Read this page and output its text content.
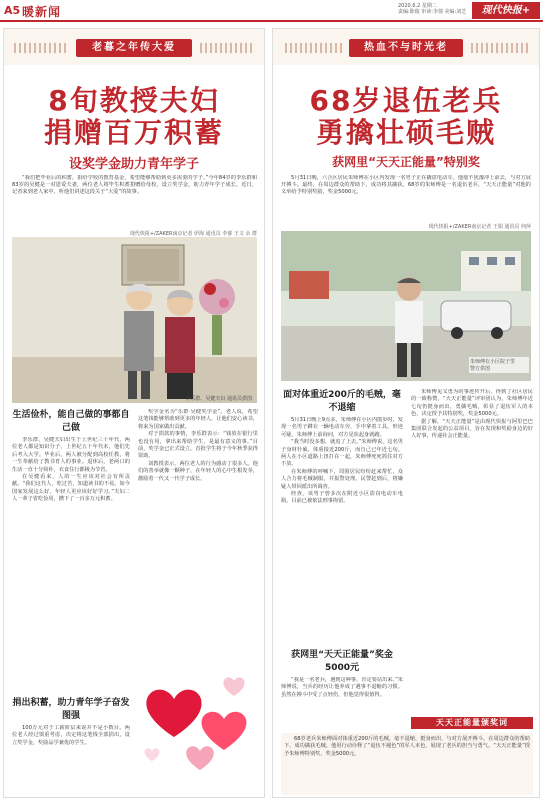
A5 暖新闻	2020.6.2 星期二
责编:陈俊 审读:李倩 美编:刘芝	现代快报+
老暮之年传大爱
8旬教授夫妇
捐赠百万积蓄
设奖学金助力青年学子
“我们把毕业后的积蓄，捐给学校的教育基金，希望能够帮助到更多需要的学子。”今年84岁的李乐群和83岁的吴健是一对恩爱夫妻，两位老人将毕生积蓄捐赠给母校，设立奖学金，助力青年学子成长。近日，记者来到老人家中，听他们讲述这段关于“大爱”的故事。
现代快报+/ZAKER南京记者 伊海 通讯员 李睿 王文 余 群
李乐群、吴健夫妇 通讯员供图
生活俭朴，能自己做的事都自己做

李乐群、吴健夫妇出生于上世纪三十年代，两位老人都是知识分子。上世纪五十年代末，他们先后考入大学。毕业后，两人被分配到高校任教，将一生奉献给了教书育人的事业。退休后，老两口的生活一直十分简朴，衣食住行都极为节省。

在吴健看来，人的一生应该对社会有所贡献。“我们这代人，吃过苦，知道读书的不易。如今国家发展这么好，年轻人更应该好好学习。”夫妇二人一辈子省吃俭用，攒下了一百多万元积蓄。

捐出积蓄，助力青年学子奋发图强

100万元对于工薪阶层来说并不是小数目。两位老人经过慎重考虑，决定将这笔钱全部捐出，设立奖学金，奖励品学兼优的学生。

奖学金名为“乐群·吴健奖学金”。老人说，希望这笔钱能够帮助到更多的年轻人，让他们安心读书，将来为国家做出贡献。

对于捐款的事情，李乐群表示：“钱放在银行里也没有用，拿出来帮助学生，是最有意义的事。”目前，奖学金已正式设立，首批学生将于今年秋季获得资助。

刘教授表示，两位老人的行为感动了很多人。他们的善举就像一颗种子，在年轻人的心中生根发芽，激励着一代又一代学子成长。

热血不与时光老
68岁退伍老兵
勇擒壮硕毛贼
获网里“天天正能量”特别奖
5月31日晚，六合区居民朱师傅在小区内发现一名男子正在撬盗电动车。他毫不犹豫冲上前去，与对方展开搏斗。最终，在周边群众的帮助下，成功将其擒获。68岁的朱师傅是一名退伍老兵，“天天正能量”对他的义举给予特别奖励，奖金5000元。
现代快报+/ZAKER南京记者 王娟 通讯员 何萍
朱师傅在小区院子里
警方供图
面对体重近200斤的毛贼，毫不退缩

5月31日晚上9点多，朱师傅在小区内散步时，发现一名男子蹲在一辆电动车旁，手中拿着工具，形迹可疑。朱师傅上前询问，对方见状起身就跑。

“我当时没多想，就追了上去。”朱师傅说，这名男子身材壮硕，体重接近200斤，而自己已年近七旬。两人在小区道路上扭打在一起，朱师傅死死抓住对方不放。

在朱师傅的呼喊下，周围居民纷纷赶来帮忙，众人合力将毛贼制服，并报警处理。民警赶到后，将嫌疑人带回派出所调查。

经查，该男子曾多次在附近小区盗窃电动车电瓶，目前已被依法刑事拘留。

获网里“天天正能量”奖金5000元

“我是一名老兵，遇到这种事，肯定要站出来。”朱师傅说，当兵的经历让他养成了遇事不退缩的习惯。虽然在搏斗中受了点轻伤，但他觉得很值得。

朱师傅见义勇为的事迹传开后，得到了社区居民的一致称赞。“天天正能量”评审团认为，朱师傅年近七旬仍挺身而出，勇擒毛贼，彰显了退伍军人的本色，决定授予其特别奖，奖金5000元。

据了解，“天天正能量”是由现代快报与阿里巴巴集团联合发起的公益项目，旨在发现和奖励身边的好人好事，传递社会正能量。

天天正能量颁奖词

68岁老兵朱师傅面对体重近200斤的毛贼，毫不退缩，挺身而出，与对方展开搏斗。在周边群众的帮助下，成功擒获毛贼。他用行动诠释了“退伍不褪色”的军人本色，展现了老兵的担当与勇气。“天天正能量”授予朱师傅特别奖，奖金5000元。
